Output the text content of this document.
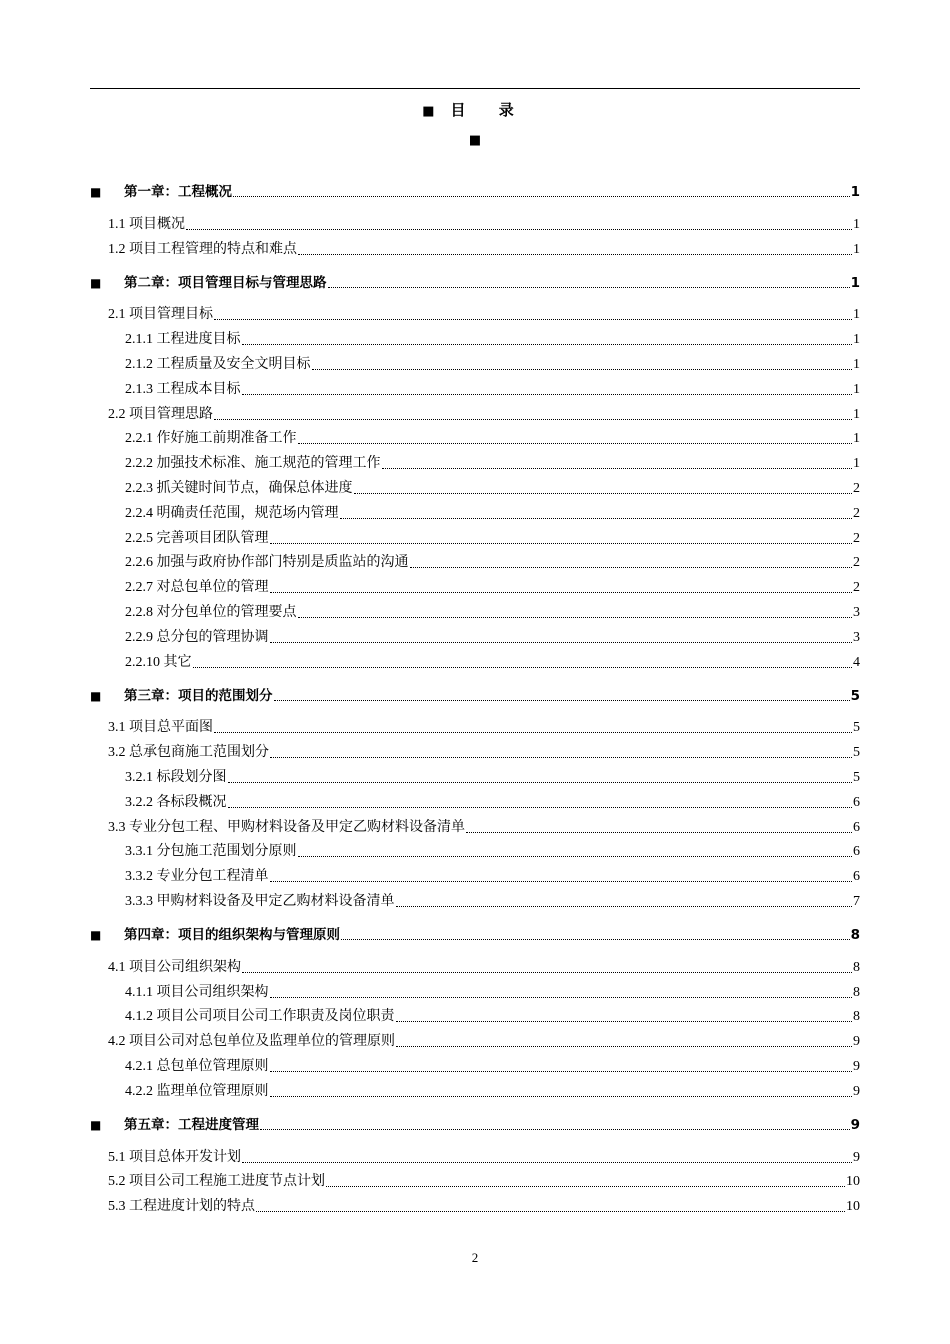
■ 目 录
■
■ 第一章：工程概况	1
1.1 项目概况	1
1.2 项目工程管理的特点和难点	1
■ 第二章：项目管理目标与管理思路	1
2.1 项目管理目标	1
2.1.1 工程进度目标	1
2.1.2 工程质量及安全文明目标	1
2.1.3 工程成本目标	1
2.2 项目管理思路	1
2.2.1 作好施工前期准备工作	1
2.2.2 加强技术标准、施工规范的管理工作	1
2.2.3 抓关键时间节点，确保总体进度	2
2.2.4 明确责任范围，规范场内管理	2
2.2.5 完善项目团队管理	2
2.2.6 加强与政府协作部门特别是质监站的沟通	2
2.2.7 对总包单位的管理	2
2.2.8 对分包单位的管理要点	3
2.2.9 总分包的管理协调	3
2.2.10 其它	4
■ 第三章：项目的范围划分	5
3.1 项目总平面图	5
3.2 总承包商施工范围划分	5
3.2.1 标段划分图	5
3.2.2 各标段概况	6
3.3 专业分包工程、甲购材料设备及甲定乙购材料设备清单	6
3.3.1 分包施工范围划分原则	6
3.3.2 专业分包工程清单	6
3.3.3 甲购材料设备及甲定乙购材料设备清单	7
■ 第四章：项目的组织架构与管理原则	8
4.1 项目公司组织架构	8
4.1.1 项目公司组织架构	8
4.1.2 项目公司项目公司工作职责及岗位职责	8
4.2 项目公司对总包单位及监理单位的管理原则	9
4.2.1 总包单位管理原则	9
4.2.2 监理单位管理原则	9
■ 第五章：工程进度管理	9
5.1 项目总体开发计划	9
5.2 项目公司工程施工进度节点计划	10
5.3 工程进度计划的特点	10
2
